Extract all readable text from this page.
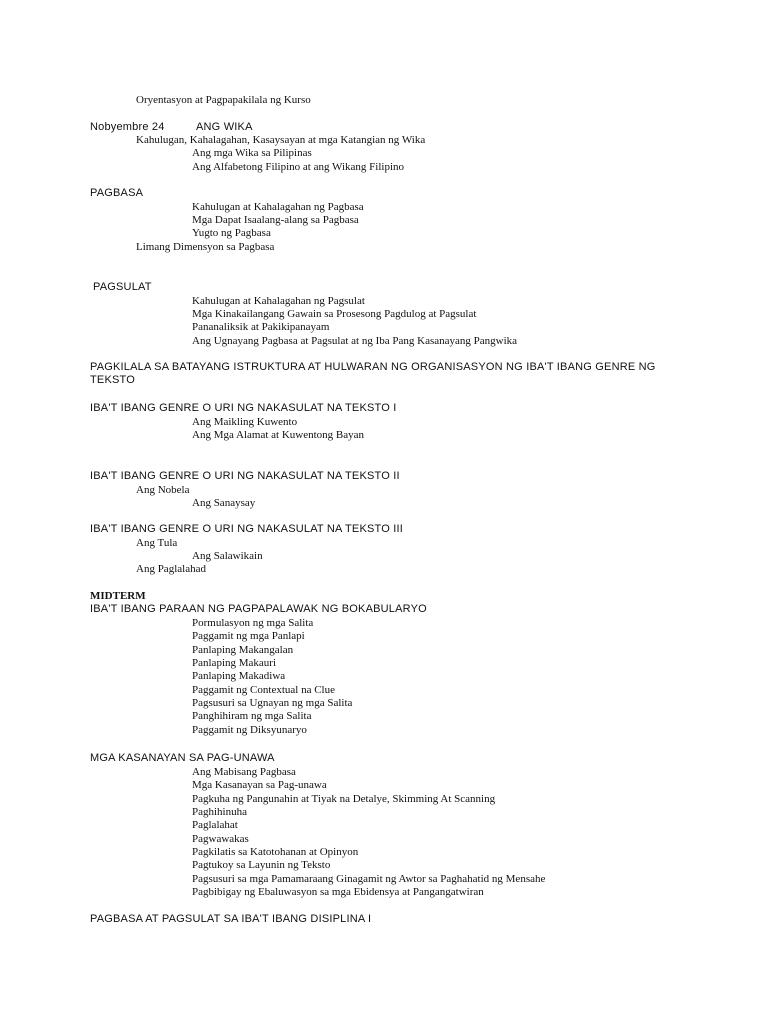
Oryentasyon at Pagpapakilala ng Kurso
Nobyembre 24	ANG WIKA
Kahulugan, Kahalagahan, Kasaysayan at mga Katangian ng Wika
Ang mga Wika sa Pilipinas
Ang Alfabetong Filipino at ang Wikang Filipino
PAGBASA
Kahulugan at Kahalagahan ng Pagbasa
Mga Dapat Isaalang-alang sa Pagbasa
Yugto ng Pagbasa
Limang Dimensyon sa Pagbasa
PAGSULAT
Kahulugan at Kahalagahan ng Pagsulat
Mga Kinakailangang Gawain sa Prosesong Pagdulog at Pagsulat
Pananaliksik at Pakikipanayam
Ang Ugnayang Pagbasa at Pagsulat at ng Iba Pang Kasanayang Pangwika
PAGKILALA SA BATAYANG ISTRUKTURA AT HULWARAN NG ORGANISASYON NG IBA'T IBANG GENRE NG TEKSTO
IBA'T IBANG GENRE O URI NG NAKASULAT NA TEKSTO I
Ang Maikling Kuwento
Ang Mga Alamat at Kuwentong Bayan
IBA'T IBANG GENRE O URI NG NAKASULAT NA TEKSTO II
Ang Nobela
Ang Sanaysay
IBA'T IBANG GENRE O URI NG NAKASULAT NA TEKSTO III
Ang Tula
Ang Salawikain
Ang Paglalahad
MIDTERM
IBA'T IBANG PARAAN NG PAGPAPALAWAK NG BOKABULARYO
Pormulasyon ng mga Salita
Paggamit ng mga Panlapi
Panlaping Makangalan
Panlaping Makauri
Panlaping Makadiwa
Paggamit ng Contextual na Clue
Pagsusuri sa Ugnayan ng mga Salita
Panghihiram ng mga Salita
Paggamit ng Diksyunaryo
MGA KASANAYAN SA PAG-UNAWA
Ang Mabisang Pagbasa
Mga Kasanayan sa Pag-unawa
Pagkuha ng Pangunahin at Tiyak na Detalye, Skimming At Scanning
Paghihinuha
Paglalahat
Pagwawakas
Pagkilatis sa Katotohanan at Opinyon
Pagtukoy sa Layunin ng Teksto
Pagsusuri sa mga Pamamaraang Ginagamit ng Awtor sa Paghahatid ng Mensahe
Pagbibigay ng Ebaluwasyon sa mga Ebidensya at Pangangatwiran
PAGBASA AT PAGSULAT SA IBA'T IBANG DISIPLINA I
